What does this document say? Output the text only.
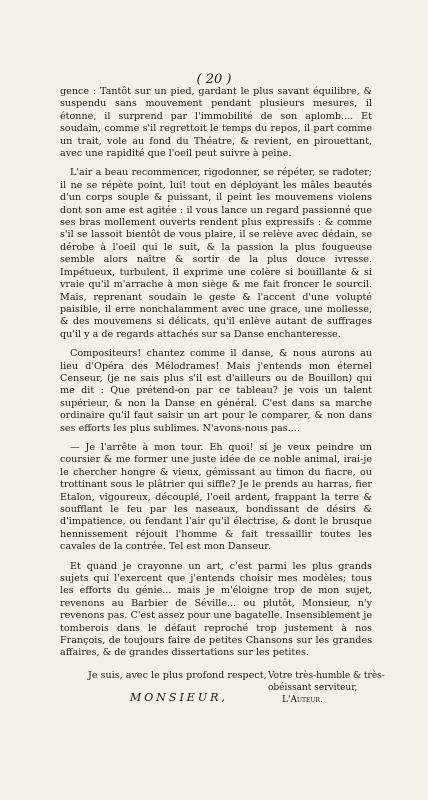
( 20 )

gence : Tantôt sur un pied, gardant le plus savant équilibre, & suspendu sans mouvement pendant plusieurs mesures, il étonne, il surprend par l'immobilité de son aplomb.... Et soudain, comme s'il regrettoit le temps du repos, il part comme un trait, vole au fond du Théatre, & revient, en pirouettant, avec une rapidité que l'oeil peut suivre à peine.

L'air a beau recommencer, rigodonner, se répéter, se radoter; il ne se répète point, lui! tout en déployant les mâles beautés d'un corps souple & puissant, il peint les mouvemens violens dont son ame est agitée : il vous lance un regard passionné que ses bras mollement ouverts rendent plus expressifs : & comme s'il se lassoit bientôt de vous plaire, il se relève avec dédain, se dérobe à l'oeil qui le suit, & la passion la plus fougueuse semble alors naître & sortir de la plus douce ivresse. Impétueux, turbulent, il exprime une colère si bouillante & si vraie qu'il m'arrache à mon siège & me fait froncer le sourcil. Mais, reprenant soudain le geste & l'accent d'une volupté paisible, il erre nonchalamment avec une grace, une mollesse, & des mouvemens si délicats, qu'il enlève autant de suffrages qu'il y a de regards attachés sur sa Danse enchanteresse.

Compositeurs! chantez comme il danse, & nous aurons au lieu d'Opéra des Mélodrames! Mais j'entends mon éternel Censeur, (je ne sais plus s'il est d'ailleurs ou de Bouillon) qui me dit : Que prétend-on par ce tableau? je vois un talent supérieur, & non la Danse en général. C'est dans sa marche ordinaire qu'il faut saisir un art pour le comparer, & non dans ses efforts les plus sublimes. N'avons-nous pas....

— Je l'arrête à mon tour. Eh quoi! si je veux peindre un coursier & me former une juste idée de ce noble animal, irai-je le chercher hongre & vieux, gémissant au timon du fiacre, ou trottinant sous le plâtrier qui siffle? Je le prends au harras, fier Etalon, vigoureux, découplé, l'oeil ardent, frappant la terre & soufflant le feu par les naseaux, bondissant de désirs & d'impatience, ou fendant l'air qu'il électrise, & dont le brusque hennissement réjouit l'homme & fait tressaillir toutes les cavales de la contrée. Tel est mon Danseur.

Et quand je crayonne un art, c'est parmi les plus grands sujets qui l'exercent que j'entends choisir mes modèles; tous les efforts du génie... mais je m'éloigne trop de mon sujet, revenons au Barbier de Séville... ou plutôt, Monsieur, n'y revenons pas. C'est assez pour une bagatelle. Insensiblement je tomberois dans le défaut reproché trop justement à nos François, de toujours faire de petites Chansons sur les grandes affaires, & de grandes dissertations sur les petites.

Je suis, avec le plus profond respect,
MONSIEUR,
Votre très-humble & très-
obéissant serviteur,
L'Auteur.
